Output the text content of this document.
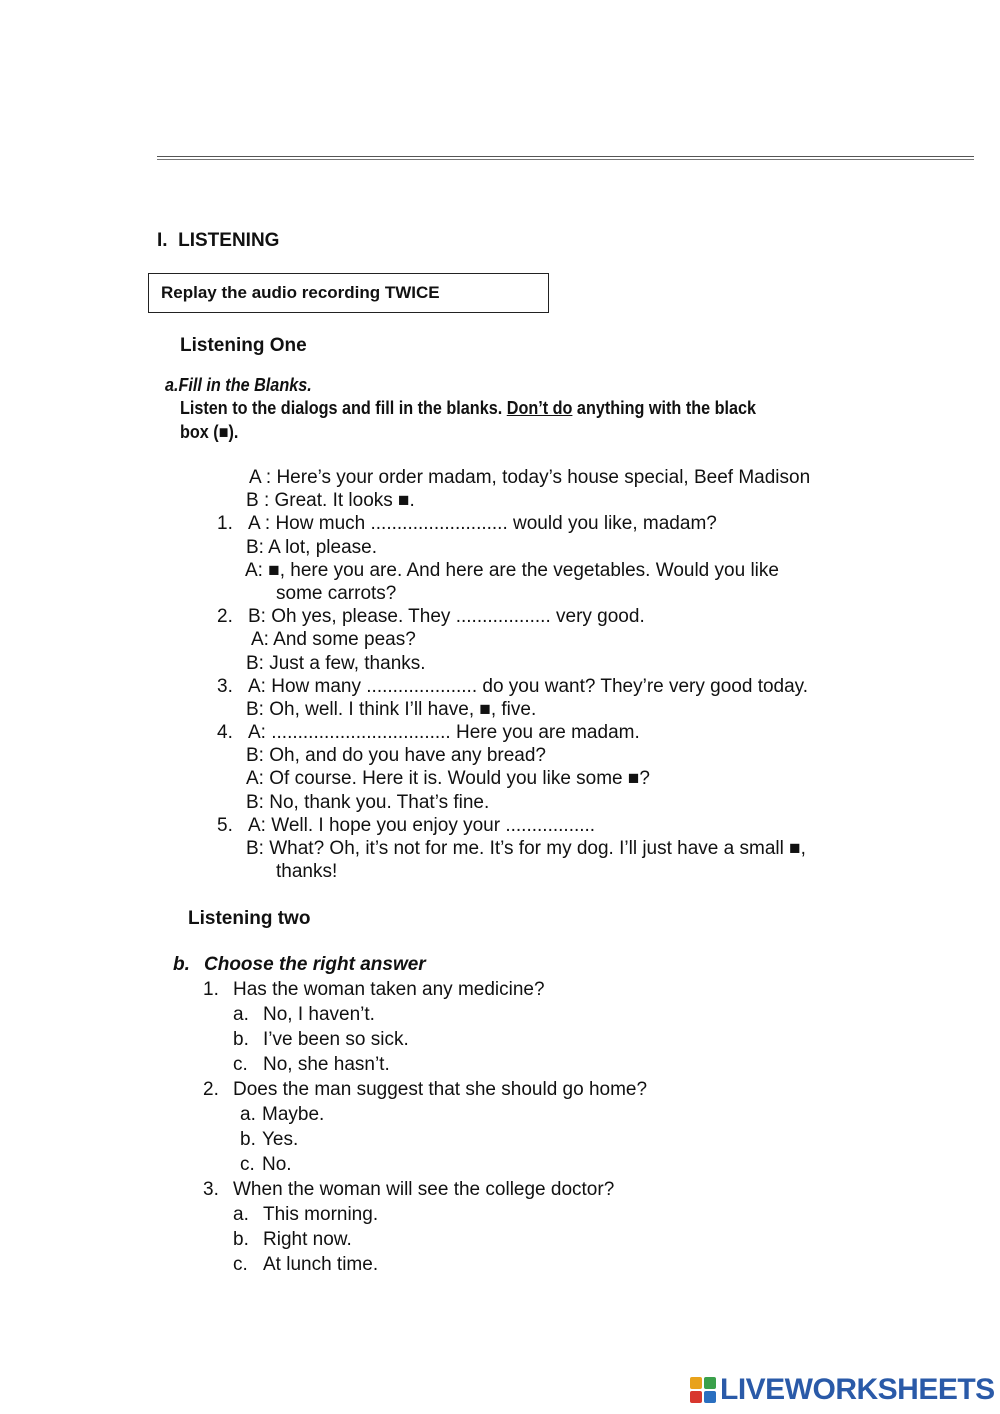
I. LISTENING
Replay the audio recording TWICE
Listening One
a.Fill in the Blanks.
Listen to the dialogs and fill in the blanks. Don’t do anything with the black
box (■).
A : Here’s your order madam, today’s house special, Beef Madison
B : Great. It looks ■.
1. A : How much .......................... would you like, madam?
B: A lot, please.
A: ■, here you are. And here are the vegetables. Would you like
some carrots?
2. B: Oh yes, please. They .................. very good.
A: And some peas?
B: Just a few, thanks.
3. A: How many ..................... do you want? They’re very good today.
B: Oh, well. I think I’ll have, ■, five.
4. A: .................................. Here you are madam.
B: Oh, and do you have any bread?
A: Of course. Here it is. Would you like some ■?
B: No, thank you. That’s fine.
5. A: Well. I hope you enjoy your .................
B: What? Oh, it’s not for me. It’s for my dog. I’ll just have a small ■,
thanks!
Listening two
b. Choose the right answer
1. Has the woman taken any medicine?
a. No, I haven’t.
b. I’ve been so sick.
c. No, she hasn’t.
2. Does the man suggest that she should go home?
a. Maybe.
b. Yes.
c. No.
3. When the woman will see the college doctor?
a. This morning.
b. Right now.
c. At lunch time.
LIVEWORKSHEETS
